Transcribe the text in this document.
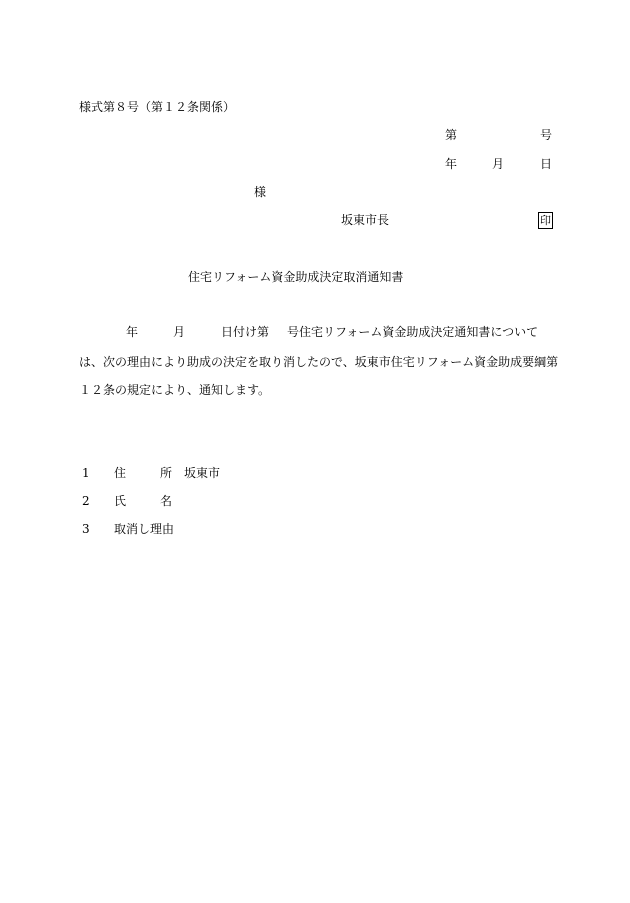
様式第８号（第１２条関係）
第	号
年	月	日
様
坂東市長	印
住宅リフォーム資金助成決定取消通知書
年	月	日付け第 号住宅リフォーム資金助成決定通知書について
は、次の理由により助成の決定を取り消したので、坂東市住宅リフォーム資金助成要綱第
１２条の規定により、通知します。
1 住	所 坂東市
2 氏	名
3 取消し理由
